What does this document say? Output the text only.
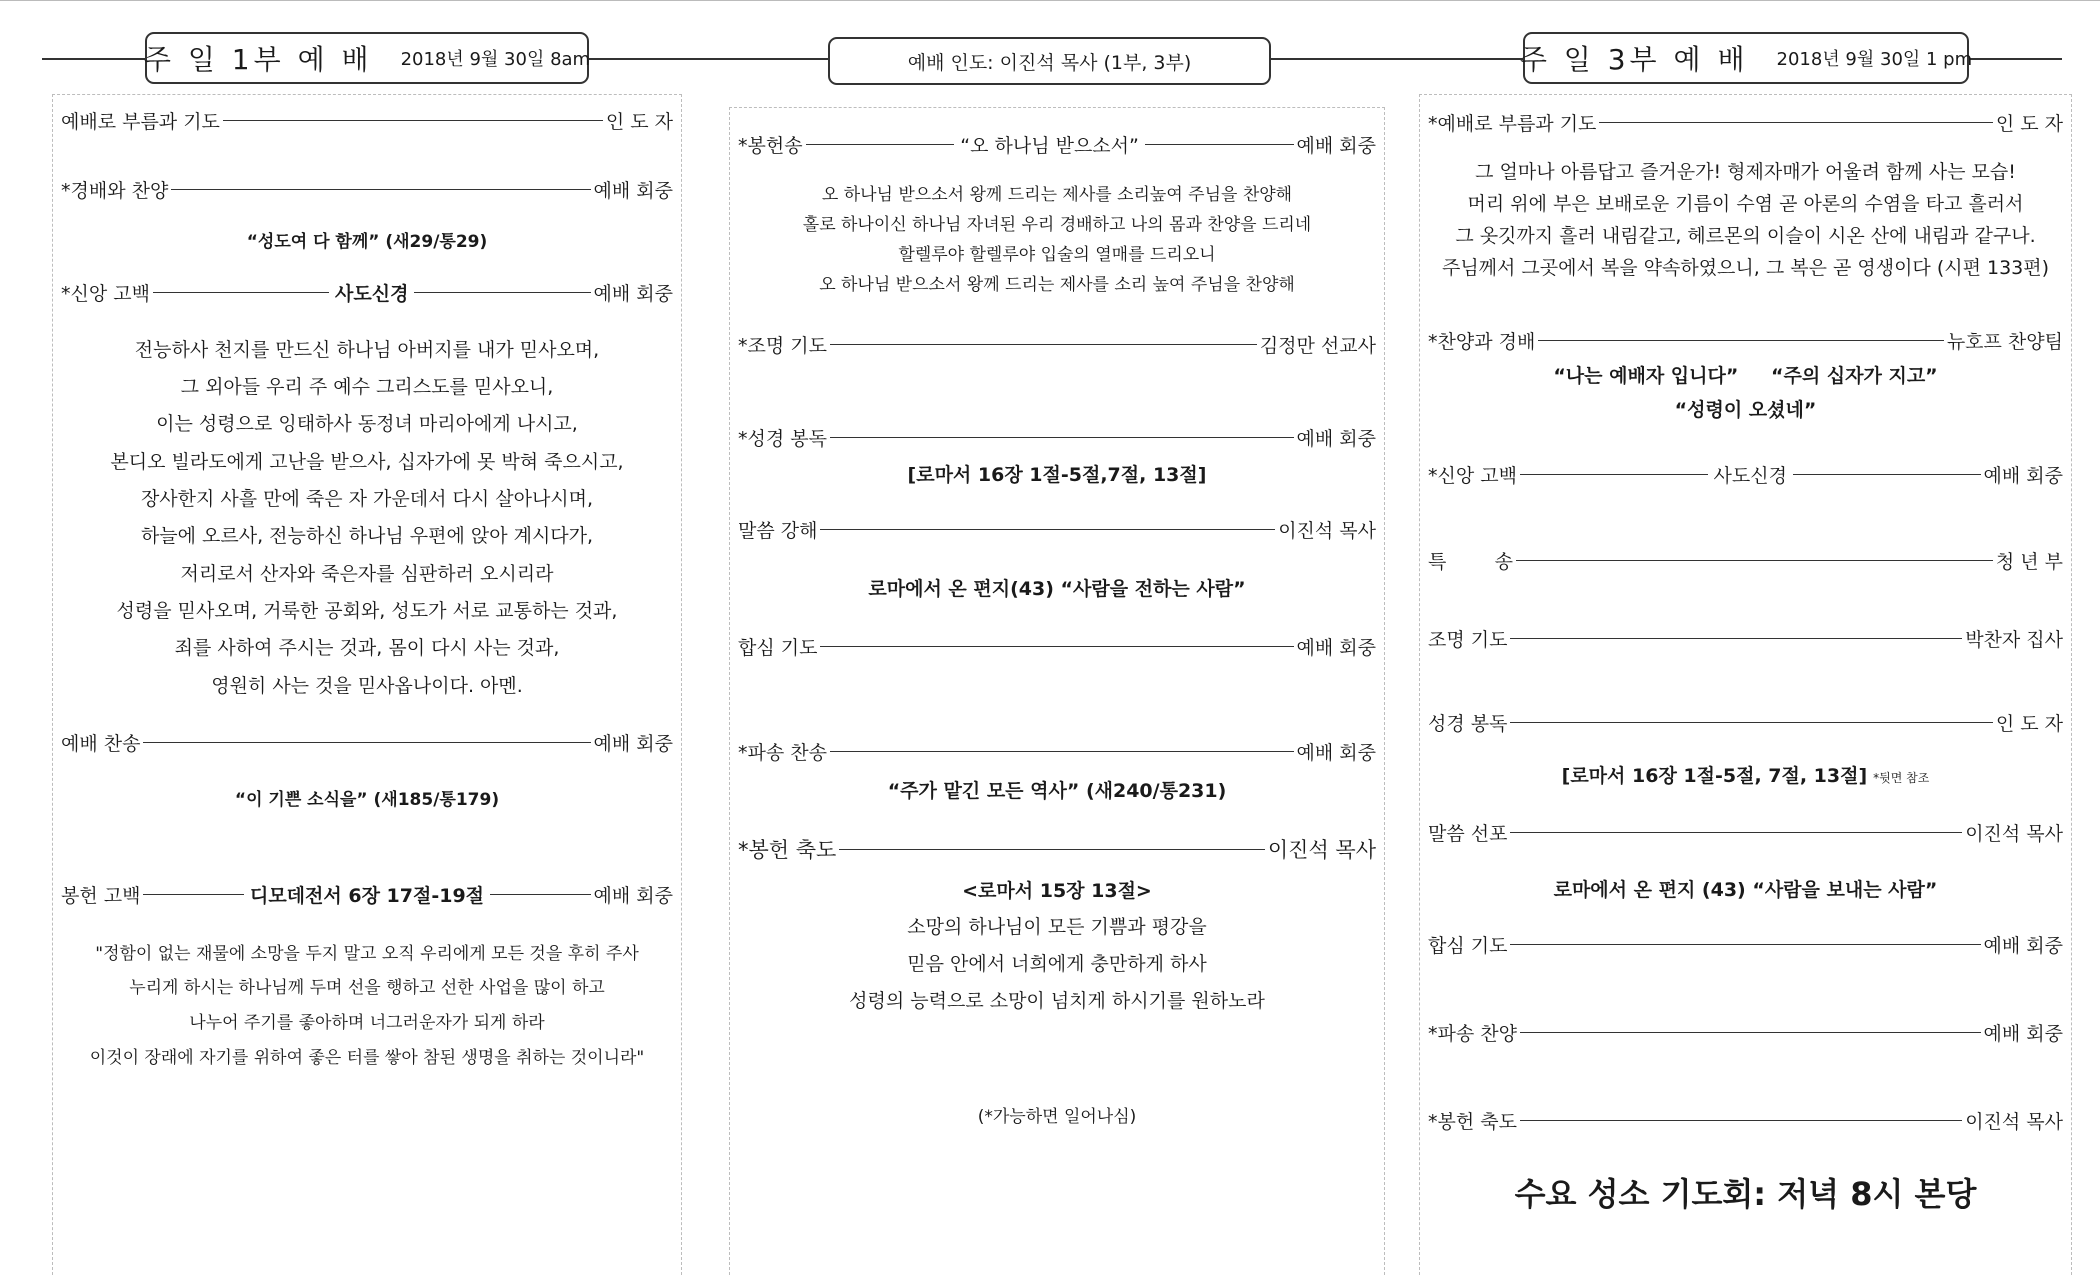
주 일 1부 예 배 2018년 9월 30일 8am	예배 인도: 이진석 목사 (1부, 3부)	주 일 3부 예 배 2018년 9월 30일 1 pm
예배로 부름과 기도	인 도 자
*경배와 찬양	예배 회중
“성도여 다 함께” (새29/통29)
*신앙 고백	사도신경	예배 회중
전능하사 천지를 만드신 하나님 아버지를 내가 믿사오며,
그 외아들 우리 주 예수 그리스도를 믿사오니,
이는 성령으로 잉태하사 동정녀 마리아에게 나시고,
본디오 빌라도에게 고난을 받으사, 십자가에 못 박혀 죽으시고,
장사한지 사흘 만에 죽은 자 가운데서 다시 살아나시며,
하늘에 오르사, 전능하신 하나님 우편에 앉아 계시다가,
저리로서 산자와 죽은자를 심판하러 오시리라
성령을 믿사오며, 거룩한 공회와, 성도가 서로 교통하는 것과,
죄를 사하여 주시는 것과, 몸이 다시 사는 것과,
영원히 사는 것을 믿사옵나이다. 아멘.
예배 찬송	예배 회중
“이 기쁜 소식을” (새185/통179)
봉헌 고백	디모데전서 6장 17절-19절	예배 회중
"정함이 없는 재물에 소망을 두지 말고 오직 우리에게 모든 것을 후히 주사
누리게 하시는 하나님께 두며 선을 행하고 선한 사업을 많이 하고
나누어 주기를 좋아하며 너그러운자가 되게 하라
이것이 장래에 자기를 위하여 좋은 터를 쌓아 참된 생명을 취하는 것이니라"
*봉헌송	“오 하나님 받으소서”	예배 회중
오 하나님 받으소서 왕께 드리는 제사를 소리높여 주님을 찬양해
홀로 하나이신 하나님 자녀된 우리 경배하고 나의 몸과 찬양을 드리네
할렐루야 할렐루야 입술의 열매를 드리오니
오 하나님 받으소서 왕께 드리는 제사를 소리 높여 주님을 찬양해
*조명 기도	김정만 선교사
*성경 봉독	예배 회중
[로마서 16장 1절-5절,7절, 13절]
말씀 강해	이진석 목사
로마에서 온 편지(43) “사람을 전하는 사람”
합심 기도	예배 회중
*파송 찬송	예배 회중
“주가 맡긴 모든 역사” (새240/통231)
*봉헌 축도	이진석 목사
<로마서 15장 13절>
소망의 하나님이 모든 기쁨과 평강을
믿음 안에서 너희에게 충만하게 하사
성령의 능력으로 소망이 넘치게 하시기를 원하노라
(*가능하면 일어나심)
*예배로 부름과 기도	인 도 자
그 얼마나 아름답고 즐거운가! 형제자매가 어울려 함께 사는 모습!
머리 위에 부은 보배로운 기름이 수염 곧 아론의 수염을 타고 흘러서
그 옷깃까지 흘러 내림같고, 헤르몬의 이슬이 시온 산에 내림과 같구나.
주님께서 그곳에서 복을 약속하였으니, 그 복은 곧 영생이다 (시편 133편)
*찬양과 경배	뉴호프 찬양팀
“나는 예배자 입니다” “주의 십자가 지고”
“성령이 오셨네”
*신앙 고백	사도신경	예배 회중
특        송	청 년 부
조명 기도	박찬자 집사
성경 봉독	인 도 자
[로마서 16장 1절-5절, 7절, 13절] *뒷면 참조
말씀 선포	이진석 목사
로마에서 온 편지 (43) “사람을 보내는 사람”
합심 기도	예배 회중
*파송 찬양	예배 회중
*봉헌 축도	이진석 목사
수요 성소 기도회: 저녁 8시 본당
